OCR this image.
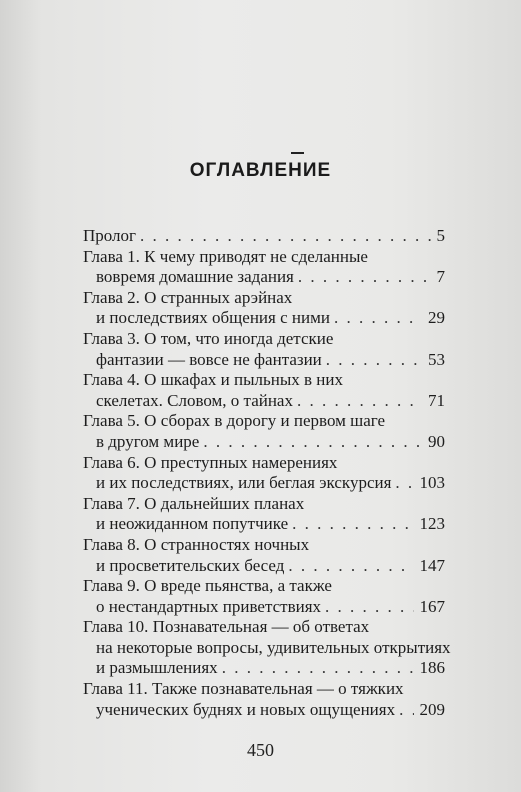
ОГЛАВЛЕНИЕ
Пролог . . .	5
Глава 1. К чему приводят не сделанные
вовремя домашние задания . . .	7
Глава 2. О странных арэйнах
и последствиях общения с ними . . .	29
Глава 3. О том, что иногда детские
фантазии — вовсе не фантазии . . .	53
Глава 4. О шкафах и пыльных в них
скелетах. Словом, о тайнах . . .	71
Глава 5. О сборах в дорогу и первом шаге
в другом мире . . .	90
Глава 6. О преступных намерениях
и их последствиях, или беглая экскурсия . . . 103
Глава 7. О дальнейших планах
и неожиданном попутчике . . .	123
Глава 8. О странностях ночных
и просветительских бесед . . .	147
Глава 9. О вреде пьянства, а также
о нестандартных приветствиях . . .	167
Глава 10. Познавательная — об ответах
на некоторые вопросы, удивительных открытиях
и размышлениях . . .	186
Глава 11. Также познавательная — о тяжких
ученических буднях и новых ощущениях . . . 209
450
